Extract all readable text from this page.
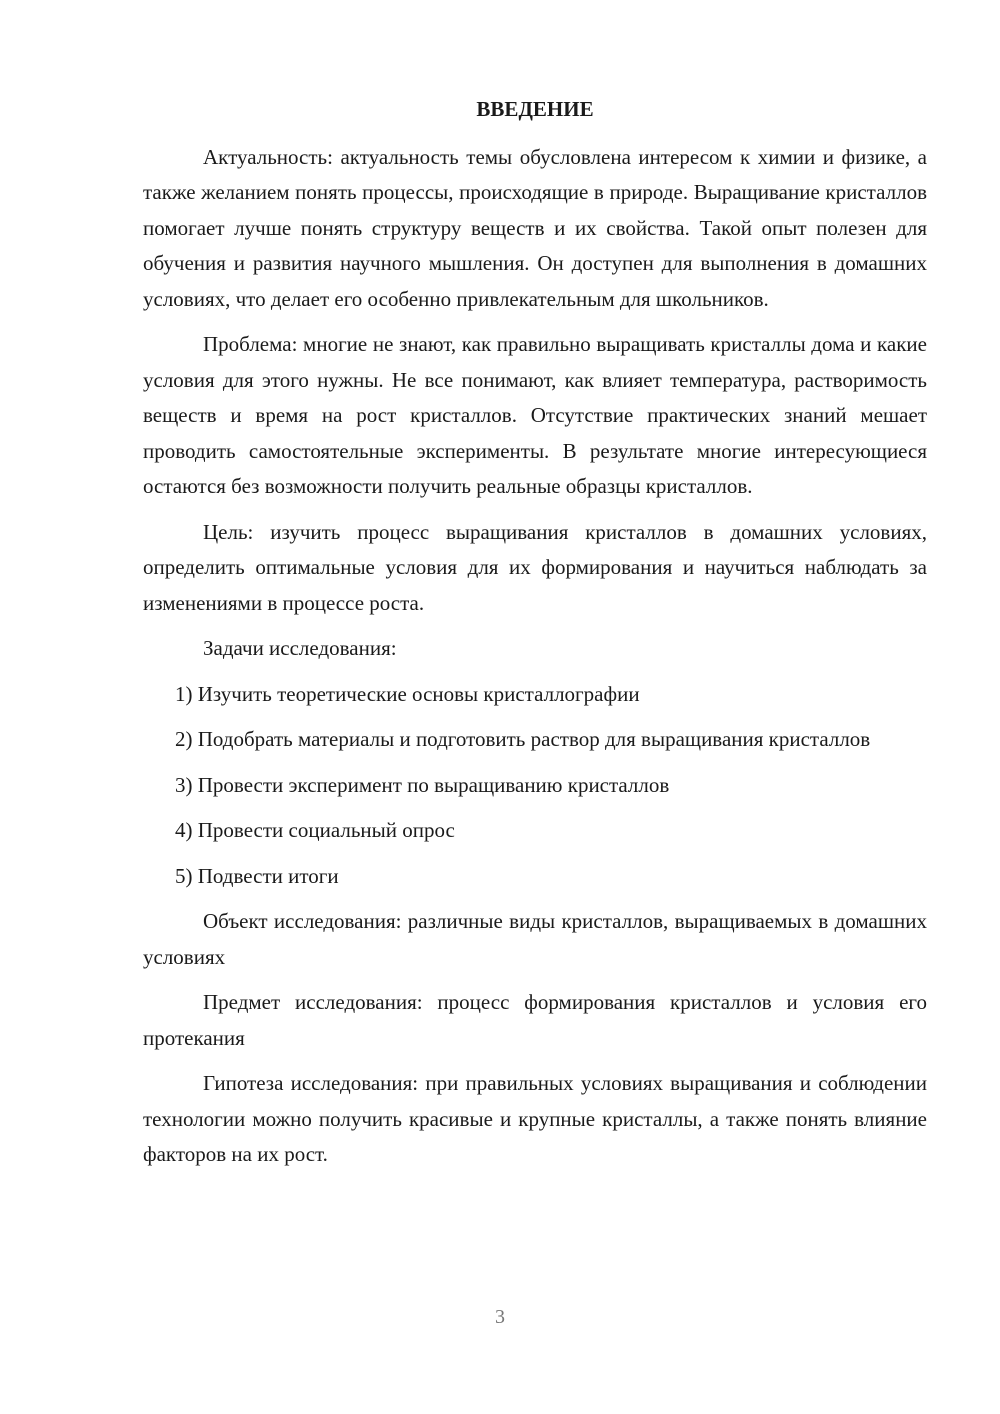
ВВЕДЕНИЕ

Актуальность: актуальность темы обусловлена интересом к химии и физике, а также желанием понять процессы, происходящие в природе. Выращивание кристаллов помогает лучше понять структуру веществ и их свойства. Такой опыт полезен для обучения и развития научного мышления. Он доступен для выполнения в домашних условиях, что делает его особенно привлекательным для школьников.

Проблема: многие не знают, как правильно выращивать кристаллы дома и какие условия для этого нужны. Не все понимают, как влияет температура, растворимость веществ и время на рост кристаллов. Отсутствие практических знаний мешает проводить самостоятельные эксперименты. В результате многие интересующиеся остаются без возможности получить реальные образцы кристаллов.

Цель: изучить процесс выращивания кристаллов в домашних условиях, определить оптимальные условия для их формирования и научиться наблюдать за изменениями в процессе роста.

Задачи исследования:

1) Изучить теоретические основы кристаллографии

2) Подобрать материалы и подготовить раствор для выращивания кристаллов

3) Провести эксперимент по выращиванию кристаллов

4) Провести социальный опрос

5) Подвести итоги

Объект исследования: различные виды кристаллов, выращиваемых в домашних условиях

Предмет исследования: процесс формирования кристаллов и условия его протекания

Гипотеза исследования: при правильных условиях выращивания и соблюдении технологии можно получить красивые и крупные кристаллы, а также понять влияние факторов на их рост.

3
